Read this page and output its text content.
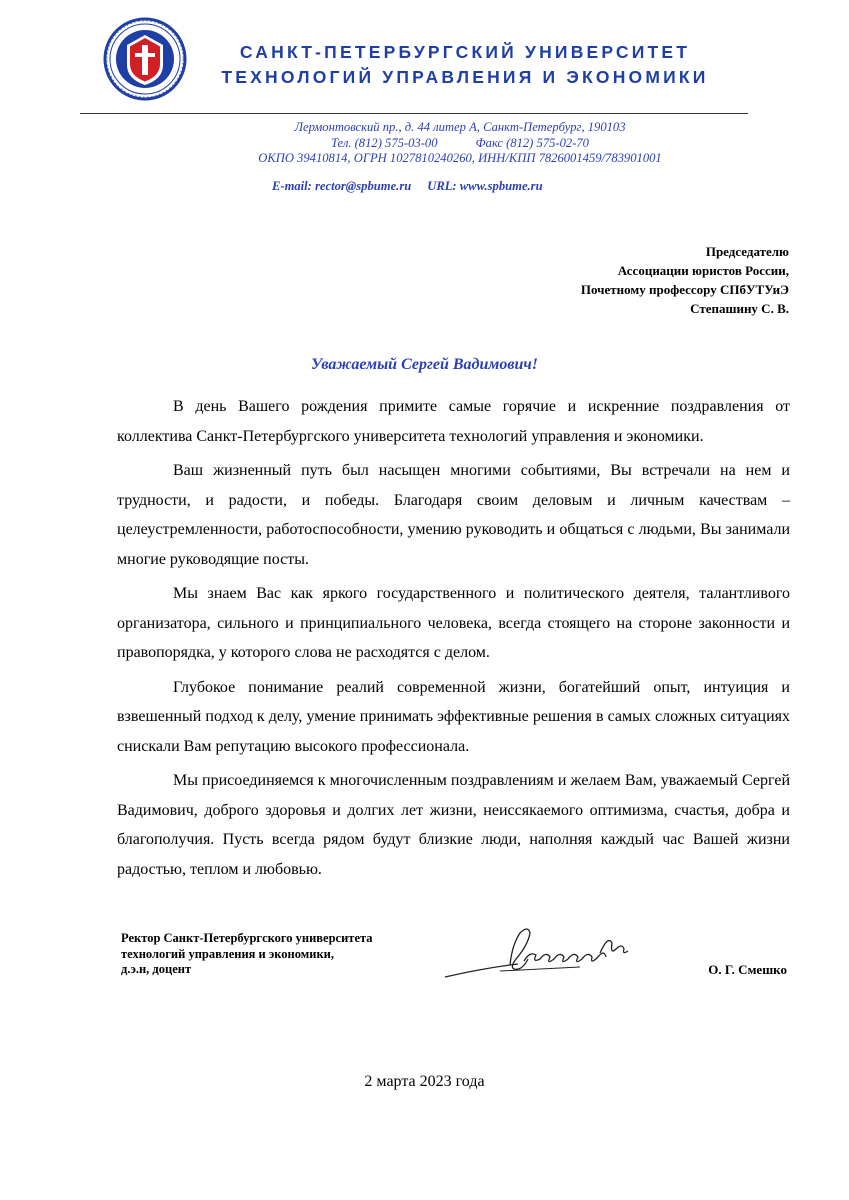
САНКТ-ПЕТЕРБУРГСКИЙ УНИВЕРСИТЕТ
ТЕХНОЛОГИЙ УПРАВЛЕНИЯ И ЭКОНОМИКИ
Лермонтовский пр., д. 44 литер А, Санкт-Петербург, 190103
Тел. (812) 575-03-00	Факс (812) 575-02-70
ОКПО 39410814, ОГРН 1027810240260, ИНН/КПП 7826001459/783901001
E-mail: rector@spbume.ru URL: www.spbume.ru
Председателю
Ассоциации юристов России,
Почетному профессору СПбУТУиЭ
Степашину С. В.
Уважаемый Сергей Вадимович!

В день Вашего рождения примите самые горячие и искренние поздравления от коллектива Санкт-Петербургского университета технологий управления и экономики.

Ваш жизненный путь был насыщен многими событиями, Вы встречали на нем и трудности, и радости, и победы. Благодаря своим деловым и личным качествам – целеустремленности, работоспособности, умению руководить и общаться с людьми, Вы занимали многие руководящие посты.

Мы знаем Вас как яркого государственного и политического деятеля, талантливого организатора, сильного и принципиального человека, всегда стоящего на стороне законности и правопорядка, у которого слова не расходятся с делом.

Глубокое понимание реалий современной жизни, богатейший опыт, интуиция и взвешенный подход к делу, умение принимать эффективные решения в самых сложных ситуациях снискали Вам репутацию высокого профессионала.

Мы присоединяемся к многочисленным поздравлениям и желаем Вам, уважаемый Сергей Вадимович, доброго здоровья и долгих лет жизни, неиссякаемого оптимизма, счастья, добра и благополучия. Пусть всегда рядом будут близкие люди, наполняя каждый час Вашей жизни радостью, теплом и любовью.

Ректор Санкт-Петербургского университета
технологий управления и экономики,
д.э.н, доцент	О. Г. Смешко
2 марта 2023 года
